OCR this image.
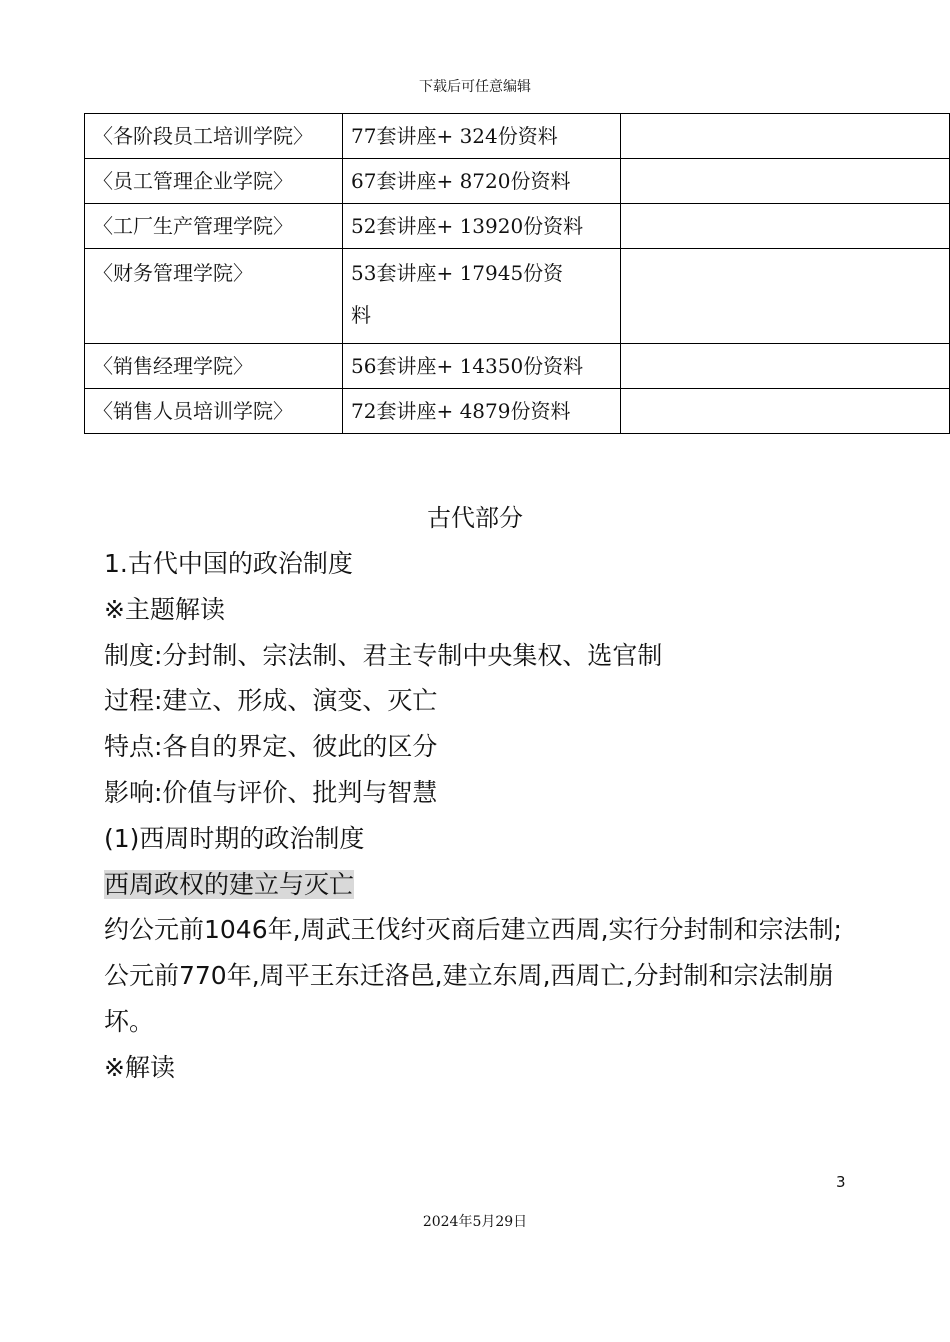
下载后可任意编辑
〈各阶段员工培训学院〉	77套讲座+ 324份资料	
〈员工管理企业学院〉	67套讲座+ 8720份资料	
〈工厂生产管理学院〉	52套讲座+ 13920份资料	
〈财务管理学院〉	53套讲座+ 17945份资料	
〈销售经理学院〉	56套讲座+ 14350份资料	
〈销售人员培训学院〉	72套讲座+ 4879份资料	
古代部分

1.古代中国的政治制度

※主题解读

制度:分封制、宗法制、君主专制中央集权、选官制

过程:建立、形成、演变、灭亡

特点:各自的界定、彼此的区分

影响:价值与评价、批判与智慧

(1)西周时期的政治制度

西周政权的建立与灭亡

约公元前1046年,周武王伐纣灭商后建立西周,实行分封制和宗法制;

公元前770年,周平王东迁洛邑,建立东周,西周亡,分封制和宗法制崩坏。

※解读

3
2024年5月29日
